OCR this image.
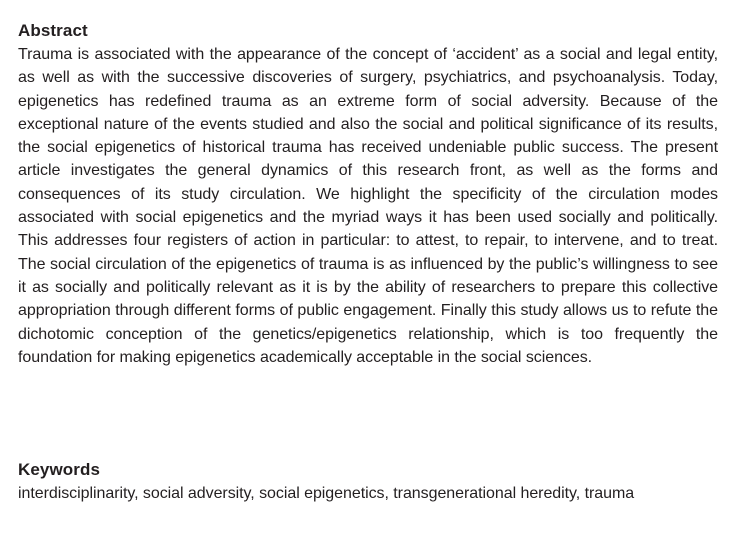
Abstract

Trauma is associated with the appearance of the concept of ‘accident’ as a social and legal entity, as well as with the successive discoveries of surgery, psychiatrics, and psychoanalysis. Today, epigenetics has redefined trauma as an extreme form of social adversity. Because of the exceptional nature of the events studied and also the social and political significance of its results, the social epigenetics of historical trauma has received undeniable public success. The present article investigates the general dynamics of this research front, as well as the forms and consequences of its study circulation. We highlight the specificity of the circulation modes associated with social epigenetics and the myriad ways it has been used socially and politically. This addresses four registers of action in particular: to attest, to repair, to intervene, and to treat. The social circulation of the epigenetics of trauma is as influenced by the public’s willingness to see it as socially and politically relevant as it is by the ability of researchers to prepare this collective appropriation through different forms of public engagement. Finally this study allows us to refute the dichotomic conception of the genetics/epigenetics relationship, which is too frequently the foundation for making epigenetics academically acceptable in the social sciences.

Keywords

interdisciplinarity, social adversity, social epigenetics, transgenerational heredity, trauma
